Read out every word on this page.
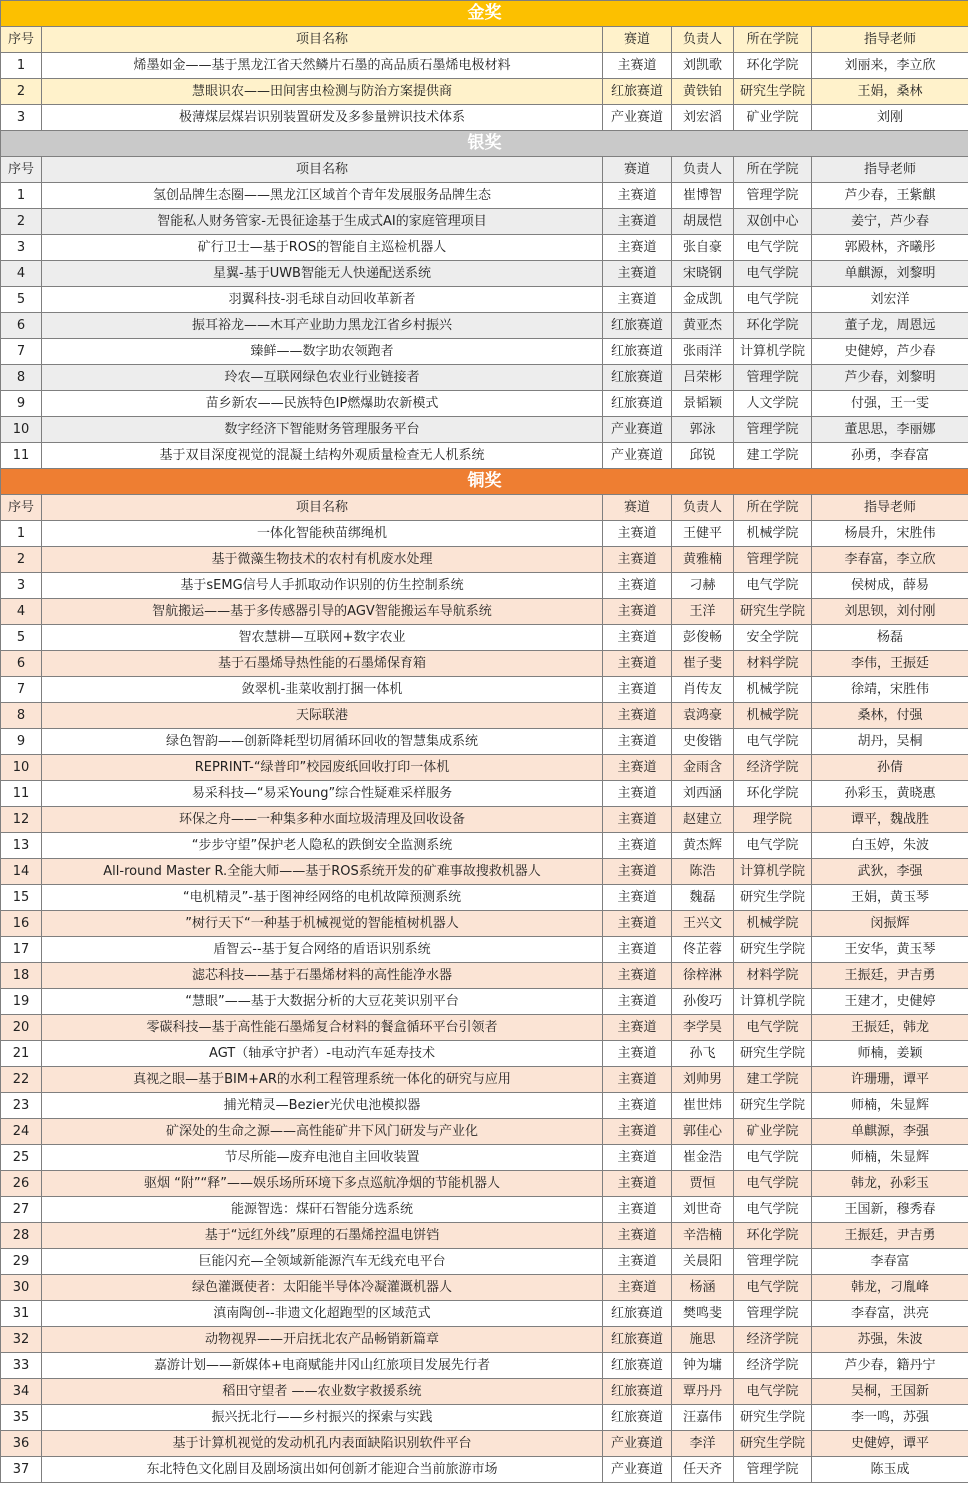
金奖					
序号	项目名称	赛道	负责人	所在学院	指导老师
1	烯墨如金——基于黑龙江省天然鳞片石墨的高品质石墨烯电极材料	主赛道	刘凯歌	环化学院	刘丽来，李立欣
2	慧眼识农——田间害虫检测与防治方案提供商	红旅赛道	黄铁铂	研究生学院	王娟，桑林
3	极薄煤层煤岩识别装置研发及多参量辨识技术体系	产业赛道	刘宏滔	矿业学院	刘刚
银奖					
序号	项目名称	赛道	负责人	所在学院	指导老师
1	氢创品牌生态圈——黑龙江区域首个青年发展服务品牌生态	主赛道	崔博智	管理学院	芦少春，王紫麒
2	智能私人财务管家-无畏征途基于生成式AI的家庭管理项目	主赛道	胡晟恺	双创中心	姜宁，芦少春
3	矿行卫士—基于ROS的智能自主巡检机器人	主赛道	张自豪	电气学院	郭殿林，齐曦彤
4	星翼-基于UWB智能无人快递配送系统	主赛道	宋晓钢	电气学院	单麒源，刘黎明
5	羽翼科技-羽毛球自动回收革新者	主赛道	金成凯	电气学院	刘宏洋
6	振耳裕龙——木耳产业助力黑龙江省乡村振兴	红旅赛道	黄亚杰	环化学院	董子龙，周恩远
7	臻鲜——数字助农领跑者	红旅赛道	张雨洋	计算机学院	史健婷，芦少春
8	玲农—互联网绿色农业行业链接者	红旅赛道	吕荣彬	管理学院	芦少春，刘黎明
9	苗乡新农——民族特色IP燃爆助农新模式	红旅赛道	景韬颖	人文学院	付强，王一雯
10	数字经济下智能财务管理服务平台	产业赛道	郭泳	管理学院	董思思，李丽娜
11	基于双目深度视觉的混凝土结构外观质量检查无人机系统	产业赛道	邱锐	建工学院	孙勇，李春富
铜奖					
序号	项目名称	赛道	负责人	所在学院	指导老师
1	一体化智能秧苗绑绳机	主赛道	王健平	机械学院	杨晨升，宋胜伟
2	基于微藻生物技术的农村有机废水处理	主赛道	黄雅楠	管理学院	李春富，李立欣
3	基于sEMG信号人手抓取动作识别的仿生控制系统	主赛道	刁赫	电气学院	侯树成，薛易
4	智航搬运——基于多传感器引导的AGV智能搬运车导航系统	主赛道	王洋	研究生学院	刘思钡，刘付刚
5	智农慧耕—互联网+数字农业	主赛道	彭俊畅	安全学院	杨磊
6	基于石墨烯导热性能的石墨烯保育箱	主赛道	崔子斐	材料学院	李伟，王振廷
7	敛翠机-韭菜收割打捆一体机	主赛道	肖传友	机械学院	徐靖，宋胜伟
8	天际联港	主赛道	袁鸿豪	机械学院	桑林，付强
9	绿色智韵——创新降耗型切屑循环回收的智慧集成系统	主赛道	史俊锴	电气学院	胡丹，吴桐
10	REPRINT-“绿普印”校园废纸回收打印一体机	主赛道	金雨含	经济学院	孙倩
11	易采科技—“易采Young”综合性疑难采样服务	主赛道	刘西涵	环化学院	孙彩玉，黄晓惠
12	环保之舟——一种集多种水面垃圾清理及回收设备	主赛道	赵建立	理学院	谭平，魏战胜
13	“步步守望”保护老人隐私的跌倒安全监测系统	主赛道	黄杰辉	电气学院	白玉婷，朱波
14	All-round Master R.全能大师——基于ROS系统开发的矿难事故搜救机器人	主赛道	陈浩	计算机学院	武狄，李强
15	“电机精灵”-基于图神经网络的电机故障预测系统	主赛道	魏磊	研究生学院	王娟，黄玉琴
16	”树行天下“一种基于机械视觉的智能植树机器人	主赛道	王兴文	机械学院	闵振辉
17	盾智云--基于复合网络的盾语识别系统	主赛道	佟芷蓉	研究生学院	王安华，黄玉琴
18	滤芯科技——基于石墨烯材料的高性能净水器	主赛道	徐梓淋	材料学院	王振廷，尹吉勇
19	“慧眼”——基于大数据分析的大豆花荚识别平台	主赛道	孙俊巧	计算机学院	王建才，史健婷
20	零碳科技—基于高性能石墨烯复合材料的餐盒循环平台引领者	主赛道	李学昊	电气学院	王振廷，韩龙
21	AGT（轴承守护者）-电动汽车延寿技术	主赛道	孙飞	研究生学院	师楠，姜颖
22	真视之眼—基于BIM+AR的水利工程管理系统一体化的研究与应用	主赛道	刘帅男	建工学院	许珊珊，谭平
23	捕光精灵—Bezier光伏电池模拟器	主赛道	崔世炜	研究生学院	师楠，朱显辉
24	矿深处的生命之源——高性能矿井下风门研发与产业化	主赛道	郭佳心	矿业学院	单麒源，李强
25	节尽所能—废弃电池自主回收装置	主赛道	崔金浩	电气学院	师楠，朱显辉
26	驱烟 “附”“释”——娱乐场所环境下多点巡航净烟的节能机器人	主赛道	贾恒	电气学院	韩龙，孙彩玉
27	能源智选：煤矸石智能分选系统	主赛道	刘世奇	电气学院	王国新，穆秀春
28	基于“远红外线”原理的石墨烯控温电饼铛	主赛道	辛浩楠	环化学院	王振廷，尹吉勇
29	巨能闪充—全领域新能源汽车无线充电平台	主赛道	关晨阳	管理学院	李春富
30	绿色灌溉使者：太阳能半导体冷凝灌溉机器人	主赛道	杨涵	电气学院	韩龙，刁胤峰
31	滇南陶创--非遗文化超跑型的区域范式	红旅赛道	樊鸣斐	管理学院	李春富，洪亮
32	动物视界——开启抚北农产品畅销新篇章	红旅赛道	施思	经济学院	苏强，朱波
33	嘉游计划——新媒体+电商赋能井冈山红旅项目发展先行者	红旅赛道	钟为墉	经济学院	芦少春，籍丹宁
34	稻田守望者 ——农业数字救援系统	红旅赛道	覃丹丹	电气学院	吴桐，王国新
35	振兴抚北行——乡村振兴的探索与实践	红旅赛道	汪嘉伟	研究生学院	李一鸣，苏强
36	基于计算机视觉的发动机孔内表面缺陷识别软件平台	产业赛道	李洋	研究生学院	史健婷，谭平
37	东北特色文化剧目及剧场演出如何创新才能迎合当前旅游市场	产业赛道	任天齐	管理学院	陈玉成
